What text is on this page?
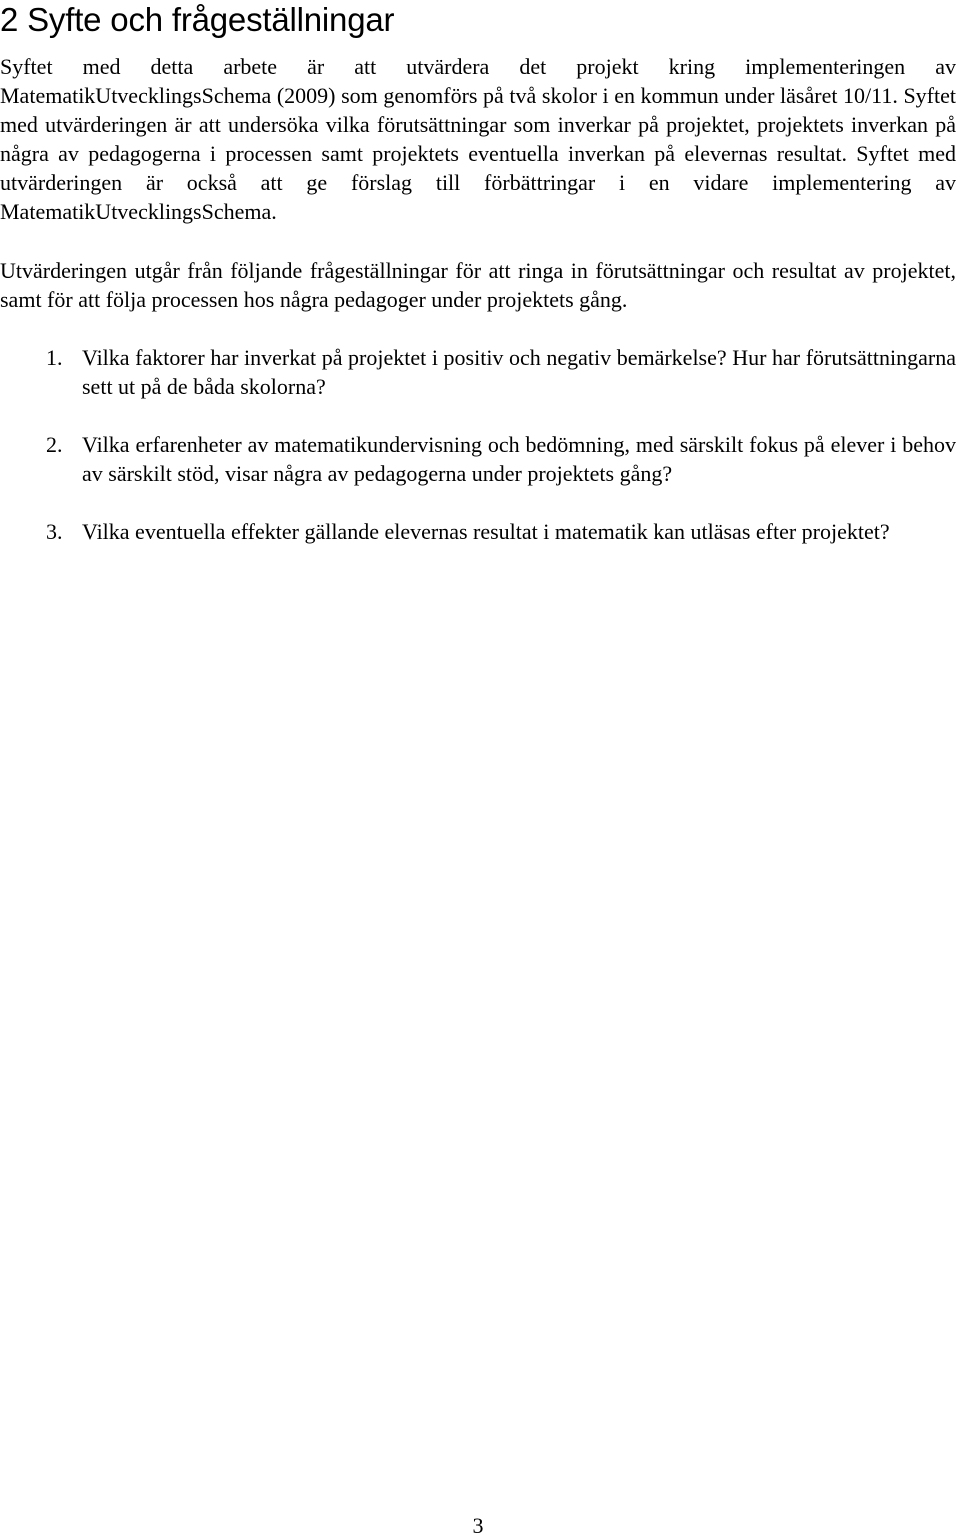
2 Syfte och frågeställningar

Syftet med detta arbete är att utvärdera det projekt kring implementeringen av MatematikUtvecklingsSchema (2009) som genomförs på två skolor i en kommun under läsåret 10/11. Syftet med utvärderingen är att undersöka vilka förutsättningar som inverkar på projektet, projektets inverkan på några av pedagogerna i processen samt projektets eventuella inverkan på elevernas resultat. Syftet med utvärderingen är också att ge förslag till förbättringar i en vidare implementering av MatematikUtvecklingsSchema.

Utvärderingen utgår från följande frågeställningar för att ringa in förutsättningar och resultat av projektet, samt för att följa processen hos några pedagoger under projektets gång.

1. Vilka faktorer har inverkat på projektet i positiv och negativ bemärkelse? Hur har förutsättningarna sett ut på de båda skolorna?
2. Vilka erfarenheter av matematikundervisning och bedömning, med särskilt fokus på elever i behov av särskilt stöd, visar några av pedagogerna under projektets gång?
3. Vilka eventuella effekter gällande elevernas resultat i matematik kan utläsas efter projektet?
3
